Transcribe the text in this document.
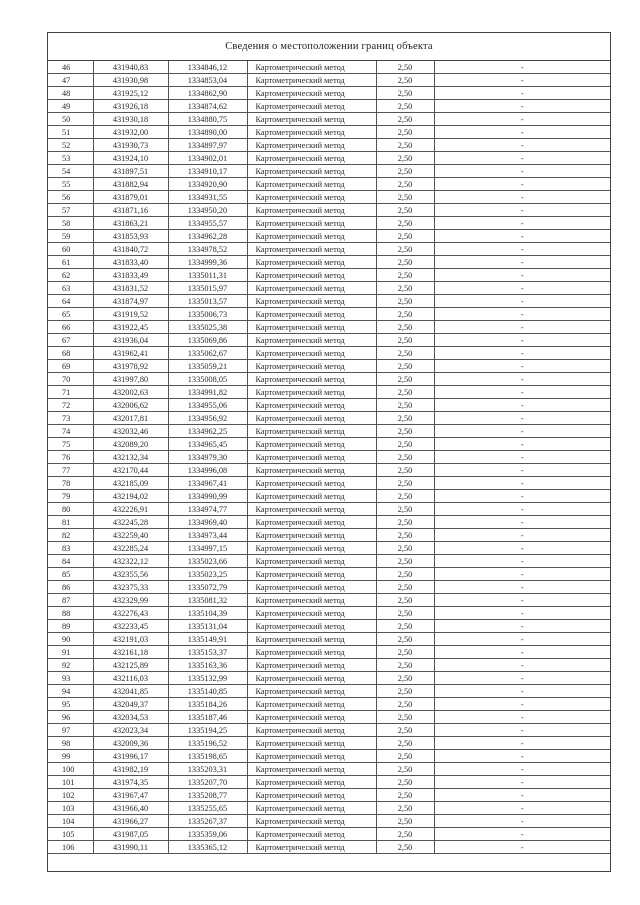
Сведения о местоположении границ объекта
46	431940,83	1334846,12	Картометрический метод	2,50	-
47	431930,98	1334853,04	Картометрический метод	2,50	-
48	431925,12	1334862,90	Картометрический метод	2,50	-
49	431926,18	1334874,62	Картометрический метод	2,50	-
50	431930,18	1334880,75	Картометрический метод	2,50	-
51	431932,00	1334890,00	Картометрический метод	2,50	-
52	431930,73	1334897,97	Картометрический метод	2,50	-
53	431924,10	1334902,01	Картометрический метод	2,50	-
54	431897,51	1334910,17	Картометрический метод	2,50	-
55	431882,94	1334920,90	Картометрический метод	2,50	-
56	431879,01	1334931,55	Картометрический метод	2,50	-
57	431871,16	1334950,20	Картометрический метод	2,50	-
58	431863,21	1334955,57	Картометрический метод	2,50	-
59	431853,93	1334962,28	Картометрический метод	2,50	-
60	431840,72	1334978,52	Картометрический метод	2,50	-
61	431833,40	1334999,36	Картометрический метод	2,50	-
62	431833,49	1335011,31	Картометрический метод	2,50	-
63	431831,52	1335015,97	Картометрический метод	2,50	-
64	431874,97	1335013,57	Картометрический метод	2,50	-
65	431919,52	1335006,73	Картометрический метод	2,50	-
66	431922,45	1335025,38	Картометрический метод	2,50	-
67	431936,04	1335069,86	Картометрический метод	2,50	-
68	431962,41	1335062,67	Картометрический метод	2,50	-
69	431978,92	1335059,21	Картометрический метод	2,50	-
70	431997,80	1335008,05	Картометрический метод	2,50	-
71	432002,63	1334991,82	Картометрический метод	2,50	-
72	432006,62	1334955,06	Картометрический метод	2,50	-
73	432017,81	1334956,92	Картометрический метод	2,50	-
74	432032,46	1334962,25	Картометрический метод	2,50	-
75	432089,20	1334965,45	Картометрический метод	2,50	-
76	432132,34	1334979,30	Картометрический метод	2,50	-
77	432170,44	1334996,08	Картометрический метод	2,50	-
78	432185,09	1334967,41	Картометрический метод	2,50	-
79	432194,02	1334990,99	Картометрический метод	2,50	-
80	432226,91	1334974,77	Картометрический метод	2,50	-
81	432245,28	1334969,40	Картометрический метод	2,50	-
82	432259,40	1334973,44	Картометрический метод	2,50	-
83	432285,24	1334997,15	Картометрический метод	2,50	-
84	432322,12	1335023,66	Картометрический метод	2,50	-
85	432355,56	1335023,25	Картометрический метод	2,50	-
86	432375,33	1335072,79	Картометрический метод	2,50	-
87	432329,99	1335081,32	Картометрический метод	2,50	-
88	432276,43	1335104,39	Картометрический метод	2,50	-
89	432233,45	1335131,04	Картометрический метод	2,50	-
90	432191,03	1335149,91	Картометрический метод	2,50	-
91	432161,18	1335153,37	Картометрический метод	2,50	-
92	432125,89	1335163,36	Картометрический метод	2,50	-
93	432116,03	1335132,99	Картометрический метод	2,50	-
94	432041,85	1335140,85	Картометрический метод	2,50	-
95	432049,37	1335184,26	Картометрический метод	2,50	-
96	432034,53	1335187,46	Картометрический метод	2,50	-
97	432023,34	1335194,25	Картометрический метод	2,50	-
98	432009,36	1335196,52	Картометрический метод	2,50	-
99	431996,17	1335198,65	Картометрический метод	2,50	-
100	431982,19	1335203,31	Картометрический метод	2,50	-
101	431974,35	1335207,70	Картометрический метод	2,50	-
102	431967,47	1335208,77	Картометрический метод	2,50	-
103	431966,40	1335255,65	Картометрический метод	2,50	-
104	431966,27	1335267,37	Картометрический метод	2,50	-
105	431987,05	1335359,06	Картометрический метод	2,50	-
106	431990,11	1335365,12	Картометрический метод	2,50	-
